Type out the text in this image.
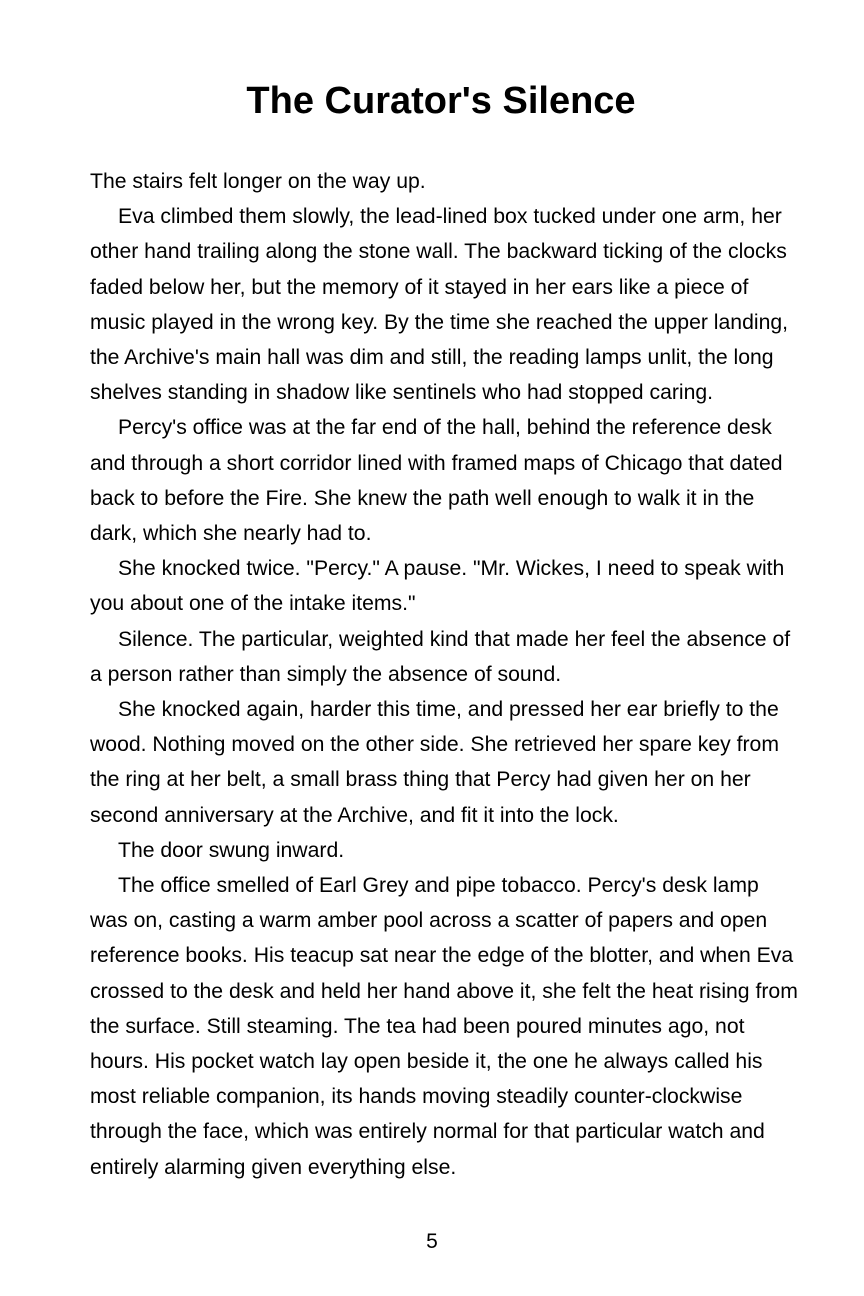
The Curator's Silence

The stairs felt longer on the way up.

Eva climbed them slowly, the lead-lined box tucked under one arm, her other hand trailing along the stone wall. The backward ticking of the clocks faded below her, but the memory of it stayed in her ears like a piece of music played in the wrong key. By the time she reached the upper landing, the Archive's main hall was dim and still, the reading lamps unlit, the long shelves standing in shadow like sentinels who had stopped caring.

Percy's office was at the far end of the hall, behind the reference desk and through a short corridor lined with framed maps of Chicago that dated back to before the Fire. She knew the path well enough to walk it in the dark, which she nearly had to.

She knocked twice. "Percy." A pause. "Mr. Wickes, I need to speak with you about one of the intake items."

Silence. The particular, weighted kind that made her feel the absence of a person rather than simply the absence of sound.

She knocked again, harder this time, and pressed her ear briefly to the wood. Nothing moved on the other side. She retrieved her spare key from the ring at her belt, a small brass thing that Percy had given her on her second anniversary at the Archive, and fit it into the lock.

The door swung inward.

The office smelled of Earl Grey and pipe tobacco. Percy's desk lamp was on, casting a warm amber pool across a scatter of papers and open reference books. His teacup sat near the edge of the blotter, and when Eva crossed to the desk and held her hand above it, she felt the heat rising from the surface. Still steaming. The tea had been poured minutes ago, not hours. His pocket watch lay open beside it, the one he always called his most reliable companion, its hands moving steadily counter-clockwise through the face, which was entirely normal for that particular watch and entirely alarming given everything else.

5
